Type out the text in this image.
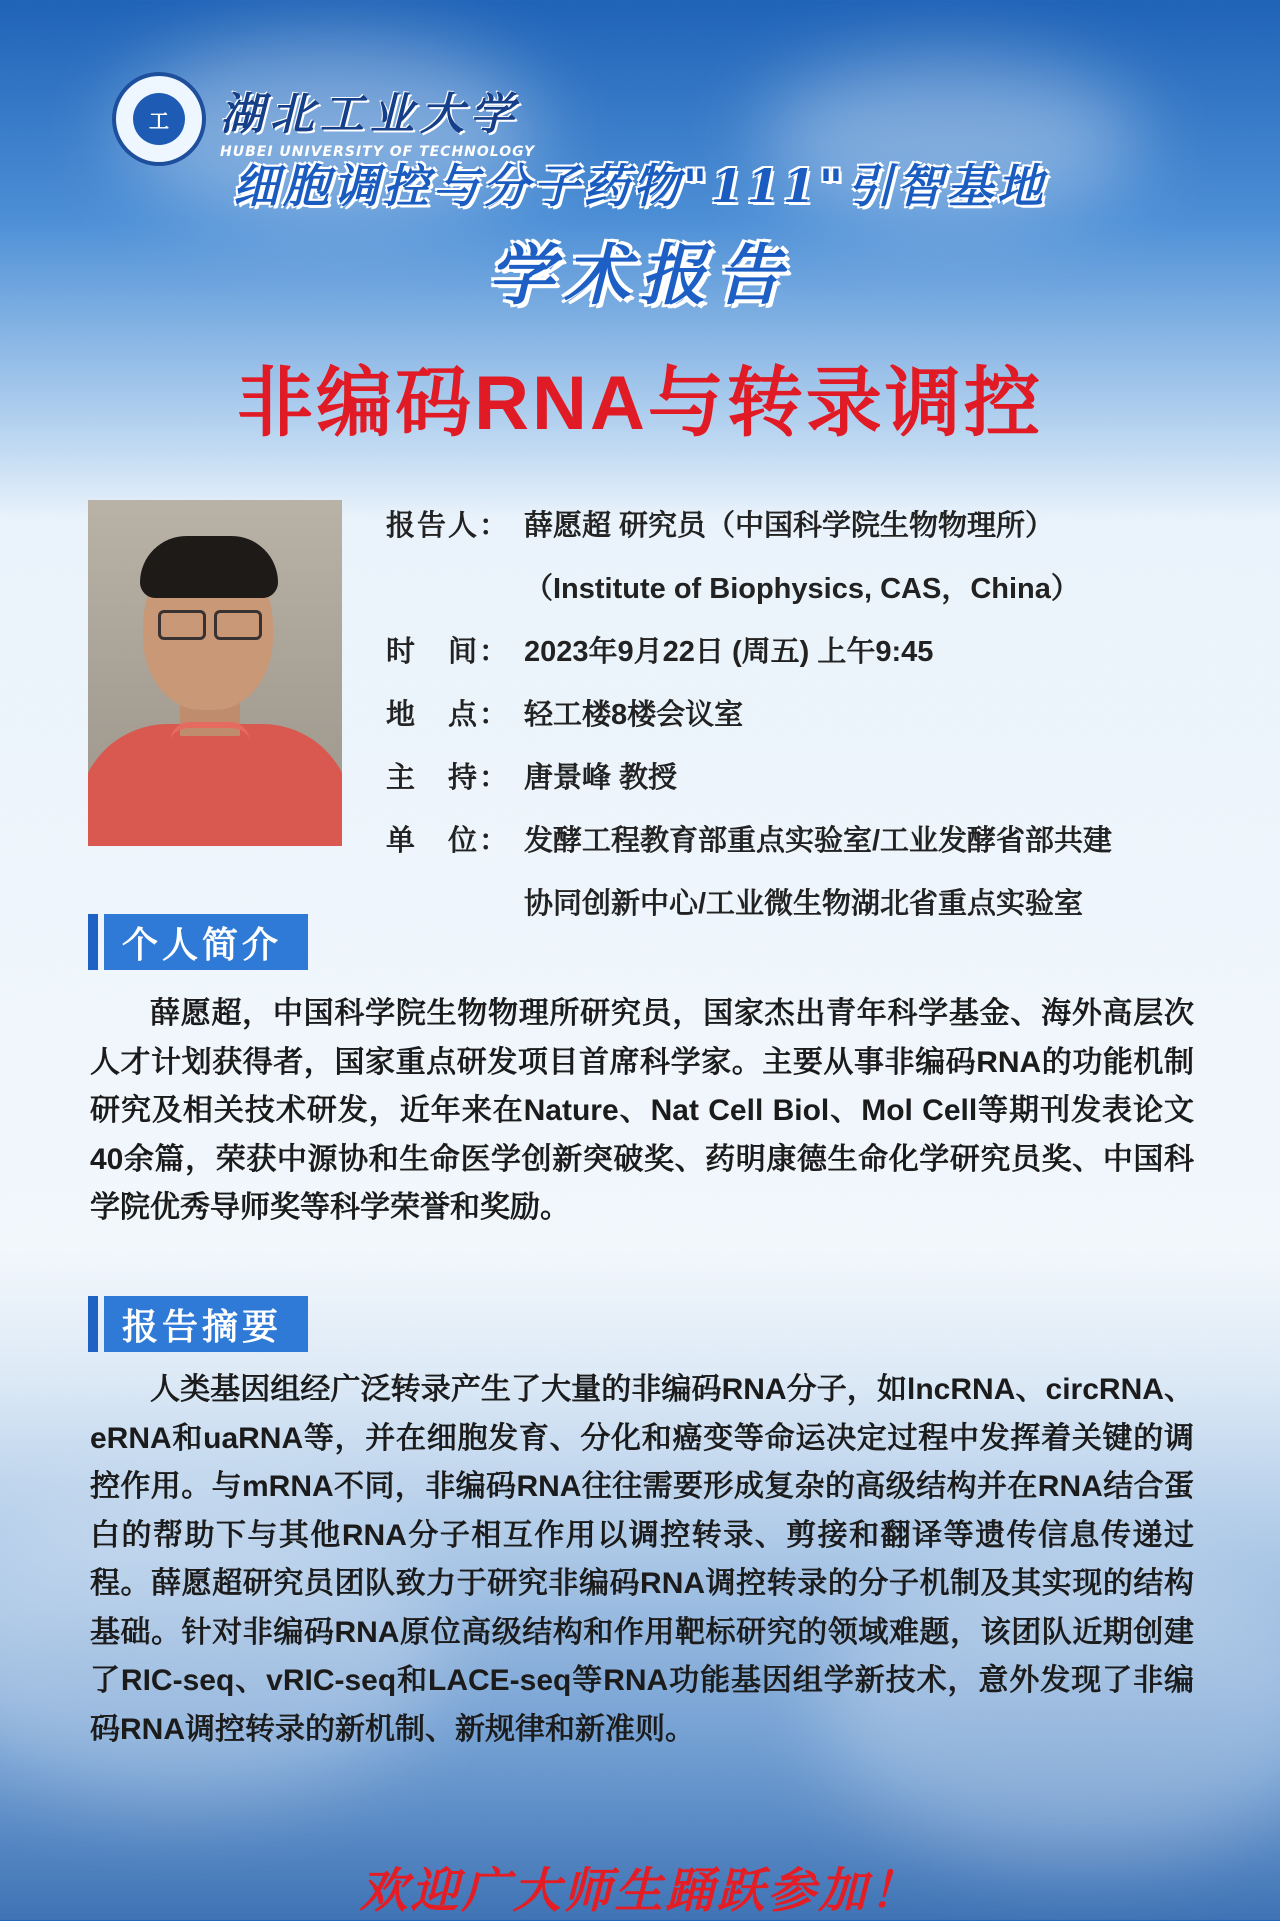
工	湖北工业大学
HUBEI UNIVERSITY OF TECHNOLOGY
细胞调控与分子药物"111"引智基地
学术报告
非编码RNA与转录调控
报告人： 薛愿超 研究员（中国科学院生物物理所）
（Institute of Biophysics, CAS，China）
时　间： 2023年9月22日 (周五) 上午9:45
地　点： 轻工楼8楼会议室
主　持： 唐景峰 教授
单　位： 发酵工程教育部重点实验室/工业发酵省部共建
协同创新中心/工业微生物湖北省重点实验室
个人简介
薛愿超，中国科学院生物物理所研究员，国家杰出青年科学基金、海外高层次人才计划获得者，国家重点研发项目首席科学家。主要从事非编码RNA的功能机制研究及相关技术研发，近年来在Nature、Nat Cell Biol、Mol Cell等期刊发表论文40余篇，荣获中源协和生命医学创新突破奖、药明康德生命化学研究员奖、中国科学院优秀导师奖等科学荣誉和奖励。
报告摘要
人类基因组经广泛转录产生了大量的非编码RNA分子，如lncRNA、circRNA、eRNA和uaRNA等，并在细胞发育、分化和癌变等命运决定过程中发挥着关键的调控作用。与mRNA不同，非编码RNA往往需要形成复杂的高级结构并在RNA结合蛋白的帮助下与其他RNA分子相互作用以调控转录、剪接和翻译等遗传信息传递过程。薛愿超研究员团队致力于研究非编码RNA调控转录的分子机制及其实现的结构基础。针对非编码RNA原位高级结构和作用靶标研究的领域难题，该团队近期创建了RIC-seq、vRIC-seq和LACE-seq等RNA功能基因组学新技术，意外发现了非编码RNA调控转录的新机制、新规律和新准则。
欢迎广大师生踊跃参加！
